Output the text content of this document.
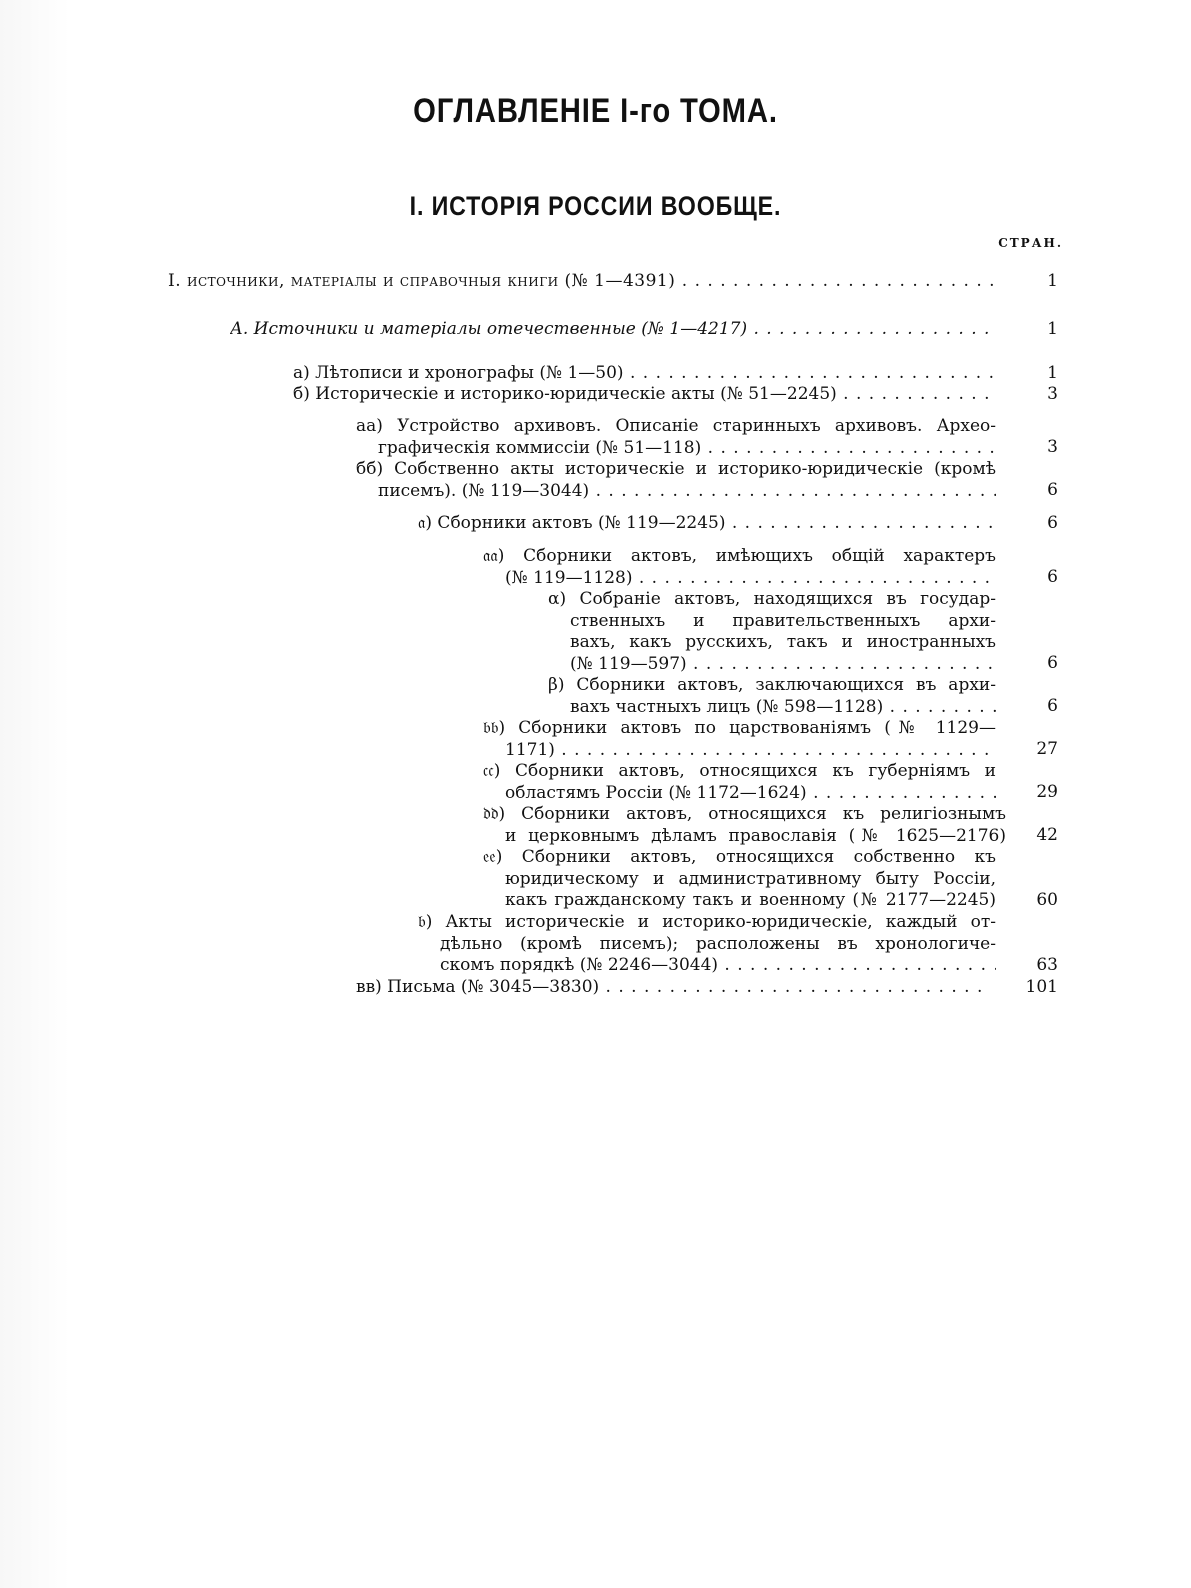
ОГЛАВЛЕНІЕ I-го ТОМА.
I. ИСТОРІЯ РОССИИ ВООБЩЕ.
СТРАН.
I. источники, матеріалы и справочныя книги (№ 1—4391) . . .	1
А. Источники и матеріалы отечественные (№ 1—4217) . . .	1
а) Лѣтописи и хронографы (№ 1—50) . . .	1
б) Историческіе и историко-юридическіе акты (№ 51—2245) . . .	3
аа) Устройство архивовъ. Описаніе старинныхъ архивовъ. Архео-
графическія коммиссіи (№ 51—118) . . .	3
бб) Собственно акты историческіе и историко-юридическіе (кромѣ
писемъ). (№ 119—3044) . . .	6
𝔞) Сборники актовъ (№ 119—2245) . . .	6
𝔞𝔞) Сборники актовъ, имѣющихъ общій характеръ
(№ 119—1128) . . .	6
α) Собраніе актовъ, находящихся въ государ-
ственныхъ и правительственныхъ архи-
вахъ, какъ русскихъ, такъ и иностранныхъ
(№ 119—597) . . .	6
β) Сборники актовъ, заключающихся въ архи-
вахъ частныхъ лицъ (№ 598—1128) . . .	6
𝔟𝔟) Сборники актовъ по царствованіямъ (№ 1129—
1171) . . .	27
𝔠𝔠) Сборники актовъ, относящихся къ губерніямъ и
областямъ Россіи (№ 1172—1624) . . .	29
𝔡𝔡) Сборники актовъ, относящихся къ религіознымъ
и церковнымъ дѣламъ православія (№ 1625—2176)	42
𝔢𝔢) Сборники актовъ, относящихся собственно къ
юридическому и административному быту Россіи,
какъ гражданскому такъ и военному (№ 2177—2245)	60
𝔟) Акты историческіе и историко-юридическіе, каждый от-
дѣльно (кромѣ писемъ); расположены въ хронологиче-
скомъ порядкѣ (№ 2246—3044) . . .	63
вв) Письма (№ 3045—3830) . . .	101
